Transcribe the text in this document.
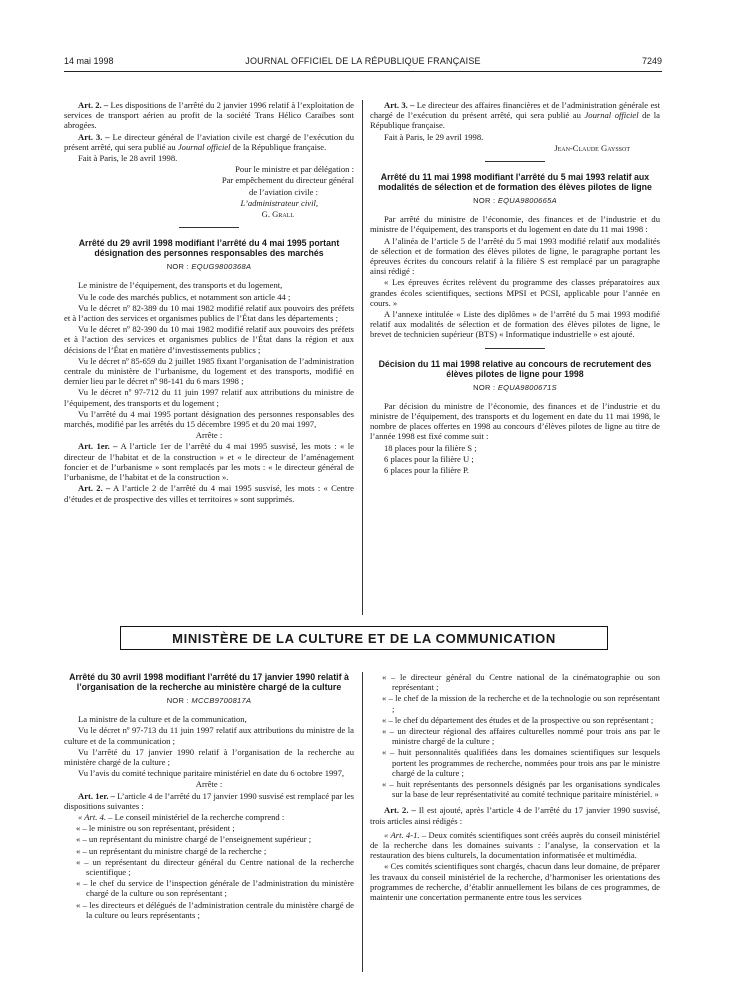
14 mai 1998	JOURNAL OFFICIEL DE LA RÉPUBLIQUE FRANÇAISE	7249

Art. 2. – Les dispositions de l’arrêté du 2 janvier 1996 relatif à l’exploitation de services de transport aérien au profit de la société Trans Hélico Caraïbes sont abrogées.

Art. 3. – Le directeur général de l’aviation civile est chargé de l’exécution du présent arrêté, qui sera publié au Journal officiel de la République française.

Fait à Paris, le 28 avril 1998.

Pour le ministre et par délégation :

Par empêchement du directeur général

de l’aviation civile :

L’administrateur civil,

G. Grall

Arrêté du 29 avril 1998 modifiant l’arrêté du 4 mai 1995 portant désignation des personnes responsables des marchés
NOR : EQUG9800368A

Le ministre de l’équipement, des transports et du logement,

Vu le code des marchés publics, et notamment son article 44 ;

Vu le décret nº 82-389 du 10 mai 1982 modifié relatif aux pouvoirs des préfets et à l’action des services et organismes publics de l’État dans les départements ;

Vu le décret nº 82-390 du 10 mai 1982 modifié relatif aux pouvoirs des préfets et à l’action des services et organismes publics de l’État dans la région et aux décisions de l’État en matière d’investissements publics ;

Vu le décret nº 85-659 du 2 juillet 1985 fixant l’organisation de l’administration centrale du ministère de l’urbanisme, du logement et des transports, modifié en dernier lieu par le décret nº 98-141 du 6 mars 1998 ;

Vu le décret nº 97-712 du 11 juin 1997 relatif aux attributions du ministre de l’équipement, des transports et du logement ;

Vu l’arrêté du 4 mai 1995 portant désignation des personnes responsables des marchés, modifié par les arrêtés du 15 décembre 1995 et du 20 mai 1997,

Arrête :

Art. 1er. – A l’article 1er de l’arrêté du 4 mai 1995 susvisé, les mots : « le directeur de l’habitat et de la construction » et « le directeur de l’aménagement foncier et de l’urbanisme » sont remplacés par les mots : « le directeur général de l’urbanisme, de l’habitat et de la construction ».

Art. 2. – A l’article 2 de l’arrêté du 4 mai 1995 susvisé, les mots : « Centre d’études et de prospective des villes et territoires » sont supprimés.

Art. 3. – Le directeur des affaires financières et de l’administration générale est chargé de l’exécution du présent arrêté, qui sera publié au Journal officiel de la République française.

Fait à Paris, le 29 avril 1998.

Jean-Claude Gayssot

Arrêté du 11 mai 1998 modifiant l’arrêté du 5 mai 1993 relatif aux modalités de sélection et de formation des élèves pilotes de ligne
NOR : EQUA9800665A

Par arrêté du ministre de l’économie, des finances et de l’industrie et du ministre de l’équipement, des transports et du logement en date du 11 mai 1998 :

A l’alinéa de l’article 5 de l’arrêté du 5 mai 1993 modifié relatif aux modalités de sélection et de formation des élèves pilotes de ligne, le paragraphe portant les épreuves écrites du concours relatif à la filière S est remplacé par un paragraphe ainsi rédigé :

« Les épreuves écrites relèvent du programme des classes préparatoires aux grandes écoles scientifiques, sections MPSI et PCSI, applicable pour l’année en cours. »

A l’annexe intitulée « Liste des diplômes » de l’arrêté du 5 mai 1993 modifié relatif aux modalités de sélection et de formation des élèves pilotes de ligne, le brevet de technicien supérieur (BTS) « Informatique industrielle » est ajouté.

Décision du 11 mai 1998 relative au concours de recrutement des élèves pilotes de ligne pour 1998
NOR : EQUA9800671S

Par décision du ministre de l’économie, des finances et de l’industrie et du ministre de l’équipement, des transports et du logement en date du 11 mai 1998, le nombre de places offertes en 1998 au concours d’élèves pilotes de ligne au titre de l’année 1998 est fixé comme suit :

18 places pour la filière S ;

6 places pour la filière U ;

6 places pour la filière P.

MINISTÈRE DE LA CULTURE ET DE LA COMMUNICATION
Arrêté du 30 avril 1998 modifiant l’arrêté du 17 janvier 1990 relatif à l’organisation de la recherche au ministère chargé de la culture
NOR : MCCB9700817A

La ministre de la culture et de la communication,

Vu le décret nº 97-713 du 11 juin 1997 relatif aux attributions du ministre de la culture et de la communication ;

Vu l’arrêté du 17 janvier 1990 relatif à l’organisation de la recherche au ministère chargé de la culture ;

Vu l’avis du comité technique paritaire ministériel en date du 6 octobre 1997,

Arrête :

Art. 1er. – L’article 4 de l’arrêté du 17 janvier 1990 susvisé est remplacé par les dispositions suivantes :

« Art. 4. – Le conseil ministériel de la recherche comprend :

« – le ministre ou son représentant, président ;

« – un représentant du ministre chargé de l’enseignement supérieur ;

« – un représentant du ministre chargé de la recherche ;

« – un représentant du directeur général du Centre national de la recherche scientifique ;

« – le chef du service de l’inspection générale de l’administration du ministère chargé de la culture ou son représentant ;

« – les directeurs et délégués de l’administration centrale du ministère chargé de la culture ou leurs représentants ;

« – le directeur général du Centre national de la cinématographie ou son représentant ;

« – le chef de la mission de la recherche et de la technologie ou son représentant ;

« – le chef du département des études et de la prospective ou son représentant ;

« – un directeur régional des affaires culturelles nommé pour trois ans par le ministre chargé de la culture ;

« – huit personnalités qualifiées dans les domaines scientifiques sur lesquels portent les programmes de recherche, nommées pour trois ans par le ministre chargé de la culture ;

« – huit représentants des personnels désignés par les organisations syndicales sur la base de leur représentativité au comité technique paritaire ministériel. »

Art. 2. – Il est ajouté, après l’article 4 de l’arrêté du 17 janvier 1990 susvisé, trois articles ainsi rédigés :

« Art. 4-1. – Deux comités scientifiques sont créés auprès du conseil ministériel de la recherche dans les domaines suivants : l’analyse, la conservation et la restauration des biens culturels, la documentation informatisée et multimédia.

« Ces comités scientifiques sont chargés, chacun dans leur domaine, de préparer les travaux du conseil ministériel de la recherche, d’harmoniser les orientations des programmes de recherche, d’établir annuellement les bilans de ces programmes, de maintenir une concertation permanente entre tous les services
